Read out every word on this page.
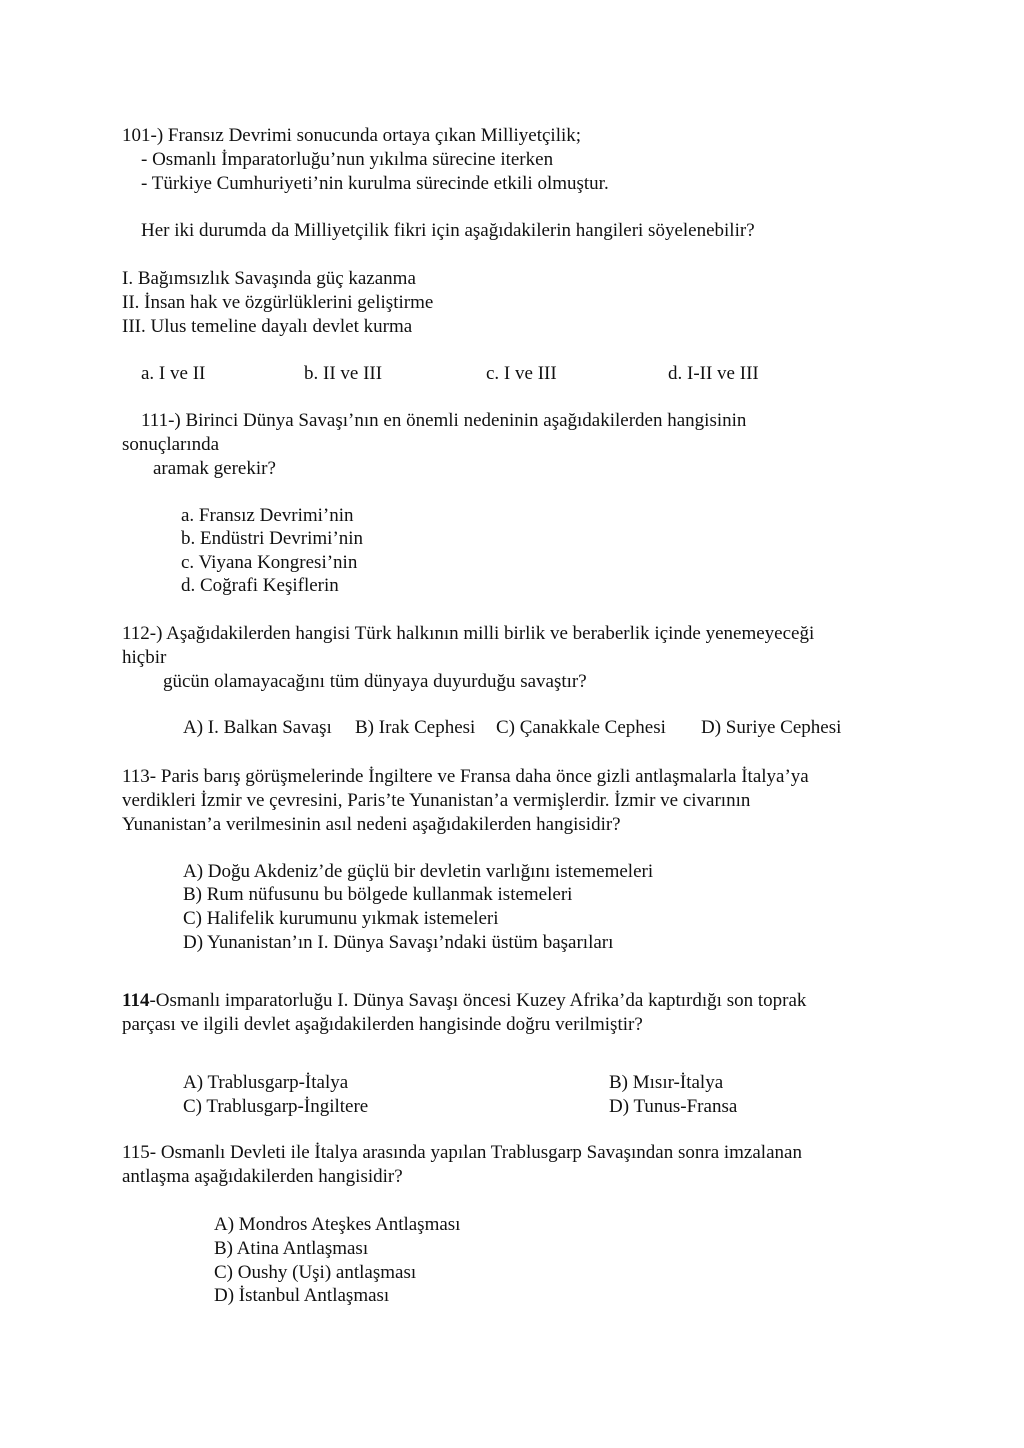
101-) Fransız Devrimi sonucunda ortaya çıkan Milliyetçilik;
- Osmanlı İmparatorluğu’nun yıkılma sürecine iterken
- Türkiye Cumhuriyeti’nin kurulma sürecinde etkili olmuştur.
Her iki durumda da Milliyetçilik fikri için aşağıdakilerin hangileri söyelenebilir?
I. Bağımsızlık Savaşında güç kazanma
II. İnsan hak ve özgürlüklerini geliştirme
III. Ulus temeline dayalı devlet kurma
a. I ve II	b. II ve III	c. I ve III	d. I-II ve III
111-) Birinci Dünya Savaşı’nın en önemli nedeninin aşağıdakilerden hangisinin
sonuçlarında
aramak gerekir?
a. Fransız Devrimi’nin
b. Endüstri Devrimi’nin
c. Viyana Kongresi’nin
d. Coğrafi Keşiflerin
112-) Aşağıdakilerden hangisi Türk halkının milli birlik ve beraberlik içinde yenemeyeceği
hiçbir
gücün olamayacağını tüm dünyaya duyurduğu savaştır?
A) I. Balkan Savaşı B) Irak Cephesi C) Çanakkale Cephesi D) Suriye Cephesi
113- Paris barış görüşmelerinde İngiltere ve Fransa daha önce gizli antlaşmalarla İtalya’ya
verdikleri İzmir ve çevresini, Paris’te Yunanistan’a vermişlerdir. İzmir ve civarının
Yunanistan’a verilmesinin asıl nedeni aşağıdakilerden hangisidir?
A) Doğu Akdeniz’de güçlü bir devletin varlığını istememeleri
B) Rum nüfusunu bu bölgede kullanmak istemeleri
C) Halifelik kurumunu yıkmak istemeleri
D) Yunanistan’ın I. Dünya Savaşı’ndaki üstüm başarıları
114-Osmanlı imparatorluğu I. Dünya Savaşı öncesi Kuzey Afrika’da kaptırdığı son toprak
parçası ve ilgili devlet aşağıdakilerden hangisinde doğru verilmiştir?
A) Trablusgarp-İtalya	B) Mısır-İtalya
C) Trablusgarp-İngiltere	D) Tunus-Fransa
115- Osmanlı Devleti ile İtalya arasında yapılan Trablusgarp Savaşından sonra imzalanan
antlaşma aşağıdakilerden hangisidir?
A) Mondros Ateşkes Antlaşması
B) Atina Antlaşması
C) Oushy (Uşi) antlaşması
D) İstanbul Antlaşması
